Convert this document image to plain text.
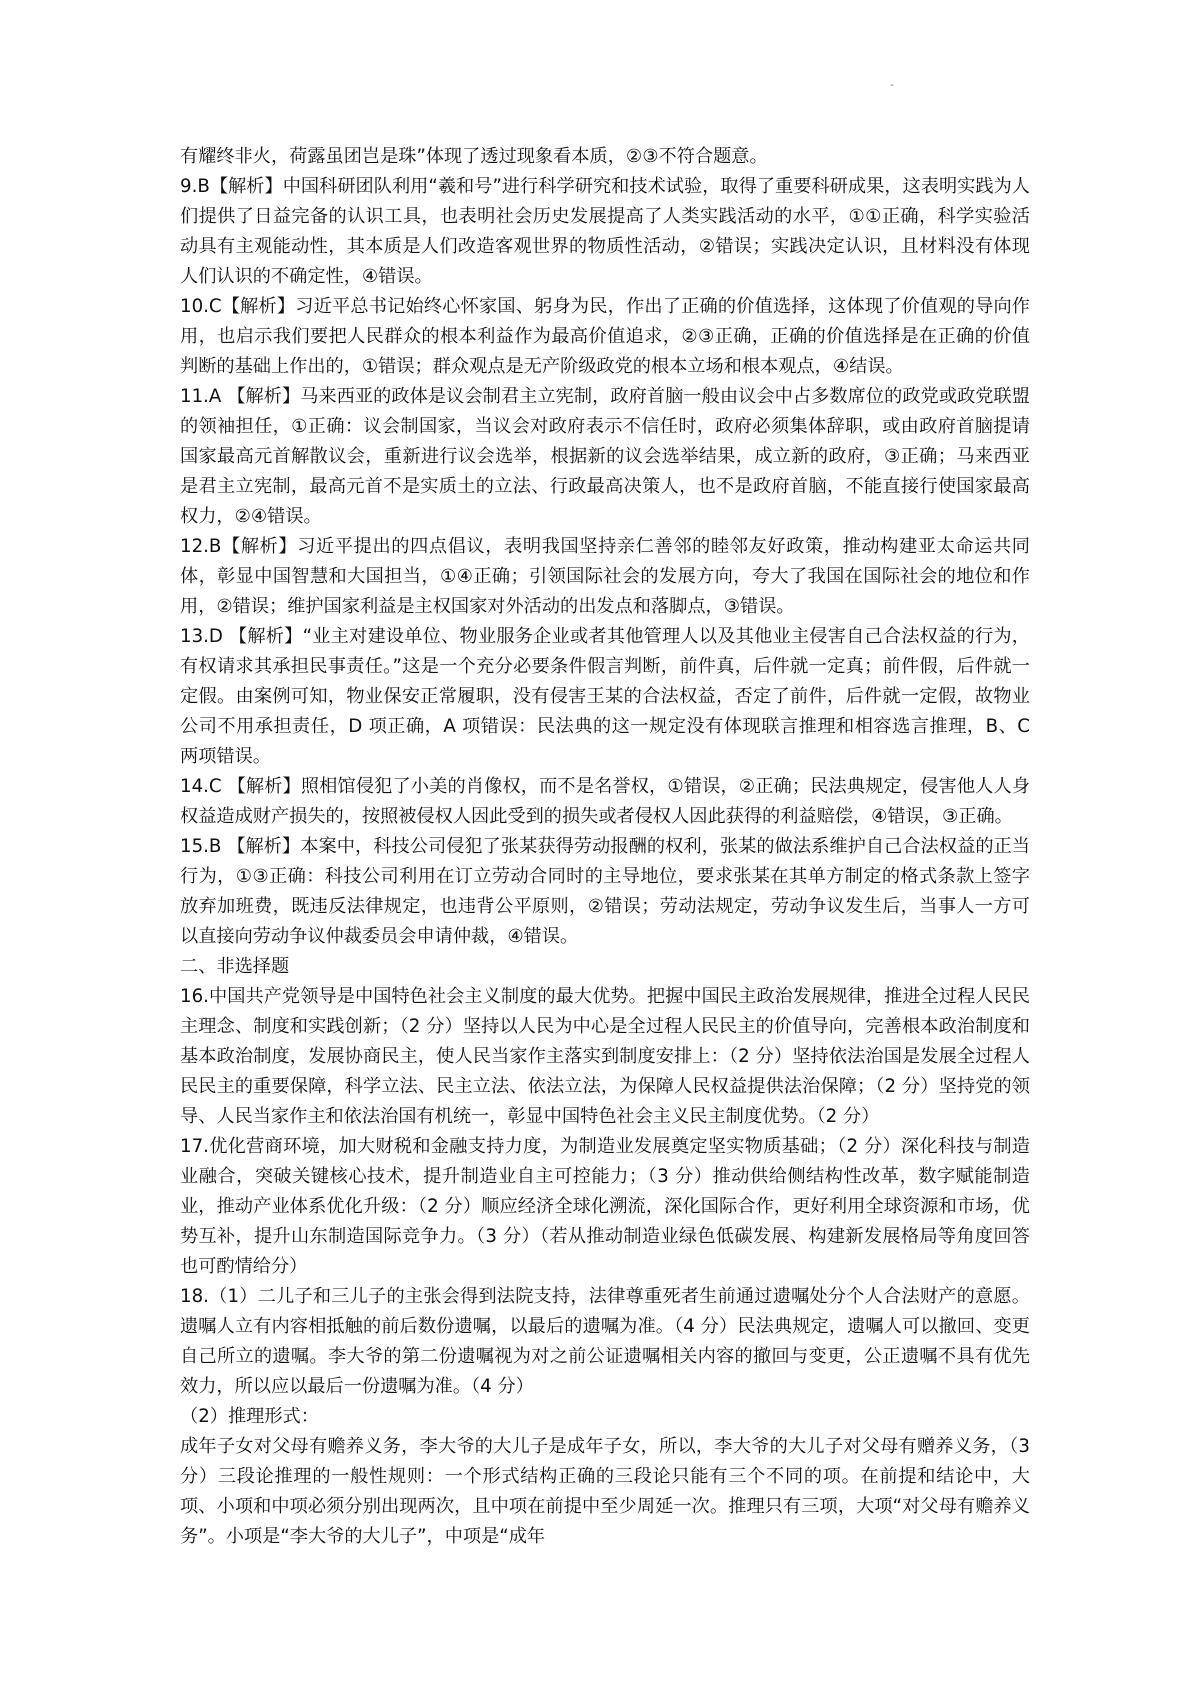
-

有耀终非火，荷露虽团岂是珠”体现了透过现象看本质，②③不符合题意。

9.B【解析】中国科研团队利用“羲和号”进行科学研究和技术试验，取得了重要科研成果，这表明实践为人们提供了日益完备的认识工具，也表明社会历史发展提高了人类实践活动的水平，①①正确，科学实验活动具有主观能动性，其本质是人们改造客观世界的物质性活动，②错误；实践决定认识，且材料没有体现人们认识的不确定性，④错误。

10.C【解析】习近平总书记始终心怀家国、躬身为民，作出了正确的价值选择，这体现了价值观的导向作用，也启示我们要把人民群众的根本利益作为最高价值追求，②③正确，正确的价值选择是在正确的价值判断的基础上作出的，①错误；群众观点是无产阶级政党的根本立场和根本观点，④结误。

11.A 【解析】马来西亚的政体是议会制君主立宪制，政府首脑一般由议会中占多数席位的政党或政党联盟的领袖担任，①正确：议会制国家，当议会对政府表示不信任时，政府必须集体辞职，或由政府首脑提请国家最高元首解散议会，重新进行议会选举，根据新的议会选举结果，成立新的政府，③正确；马来西亚是君主立宪制，最高元首不是实质土的立法、行政最高决策人，也不是政府首脑，不能直接行使国家最高权力，②④错误。

12.B【解析】习近平提出的四点倡议，表明我国坚持亲仁善邻的睦邻友好政策，推动构建亚太命运共同体，彰显中国智慧和大国担当，①④正确；引领国际社会的发展方向，夸大了我国在国际社会的地位和作用，②错误；维护国家利益是主权国家对外活动的出发点和落脚点，③错误。

13.D 【解析】“业主对建设单位、物业服务企业或者其他管理人以及其他业主侵害自己合法权益的行为，有权请求其承担民事责任。”这是一个充分必要条件假言判断，前件真，后件就一定真；前件假，后件就一定假。由案例可知，物业保安正常履职，没有侵害王某的合法权益，否定了前件，后件就一定假，故物业公司不用承担责任，D 项正确，A 项错误：民法典的这一规定没有体现联言推理和相容选言推理，B、C 两项错误。

14.C 【解析】照相馆侵犯了小美的肖像权，而不是名誉权，①错误，②正确；民法典规定，侵害他人人身权益造成财产损失的，按照被侵权人因此受到的损失或者侵权人因此获得的利益赔偿，④错误，③正确。

15.B 【解析】本案中，科技公司侵犯了张某获得劳动报酬的权利，张某的做法系维护自己合法权益的正当行为，①③正确：科技公司利用在订立劳动合同时的主导地位，要求张某在其单方制定的格式条款上签字放弃加班费，既违反法律规定，也违背公平原则，②错误；劳动法规定，劳动争议发生后，当事人一方可以直接向劳动争议仲裁委员会申请仲裁，④错误。

二、非选择题

16.中国共产党领导是中国特色社会主义制度的最大优势。把握中国民主政治发展规律，推进全过程人民民主理念、制度和实践创新；（2 分）坚持以人民为中心是全过程人民民主的价值导向，完善根本政治制度和基本政治制度，发展协商民主，使人民当家作主落实到制度安排上：（2 分）坚持依法治国是发展全过程人民民主的重要保障，科学立法、民主立法、依法立法，为保障人民权益提供法治保障；（2 分）坚持党的领导、人民当家作主和依法治国有机统一，彰显中国特色社会主义民主制度优势。（2 分）

17.优化营商环境，加大财税和金融支持力度，为制造业发展奠定坚实物质基础；（2 分）深化科技与制造业融合，突破关键核心技术，提升制造业自主可控能力；（3 分）推动供给侧结构性改革，数字赋能制造业，推动产业体系优化升级：（2 分）顺应经济全球化溯流，深化国际合作，更好利用全球资源和市场，优势互补，提升山东制造国际竞争力。（3 分）（若从推动制造业绿色低碳发展、构建新发展格局等角度回答也可酌情给分）

18.（1）二儿子和三儿子的主张会得到法院支持，法律尊重死者生前通过遗嘱处分个人合法财产的意愿。遗嘱人立有内容相抵触的前后数份遗嘱，以最后的遗嘱为准。（4 分）民法典规定，遗嘱人可以撤回、变更自己所立的遗嘱。李大爷的第二份遗嘱视为对之前公证遗嘱相关内容的撤回与变更，公正遗嘱不具有优先效力，所以应以最后一份遗嘱为准。（4 分）

（2）推理形式：

成年子女对父母有赡养义务，李大爷的大儿子是成年子女，所以，李大爷的大儿子对父母有赠养义务，（3 分）三段论推理的一般性规则：一个形式结构正确的三段论只能有三个不同的项。在前提和结论中，大项、小项和中项必须分别出现两次，且中项在前提中至少周延一次。推理只有三项，大项“对父母有赡养义务”。小项是“李大爷的大儿子”，中项是“成年
